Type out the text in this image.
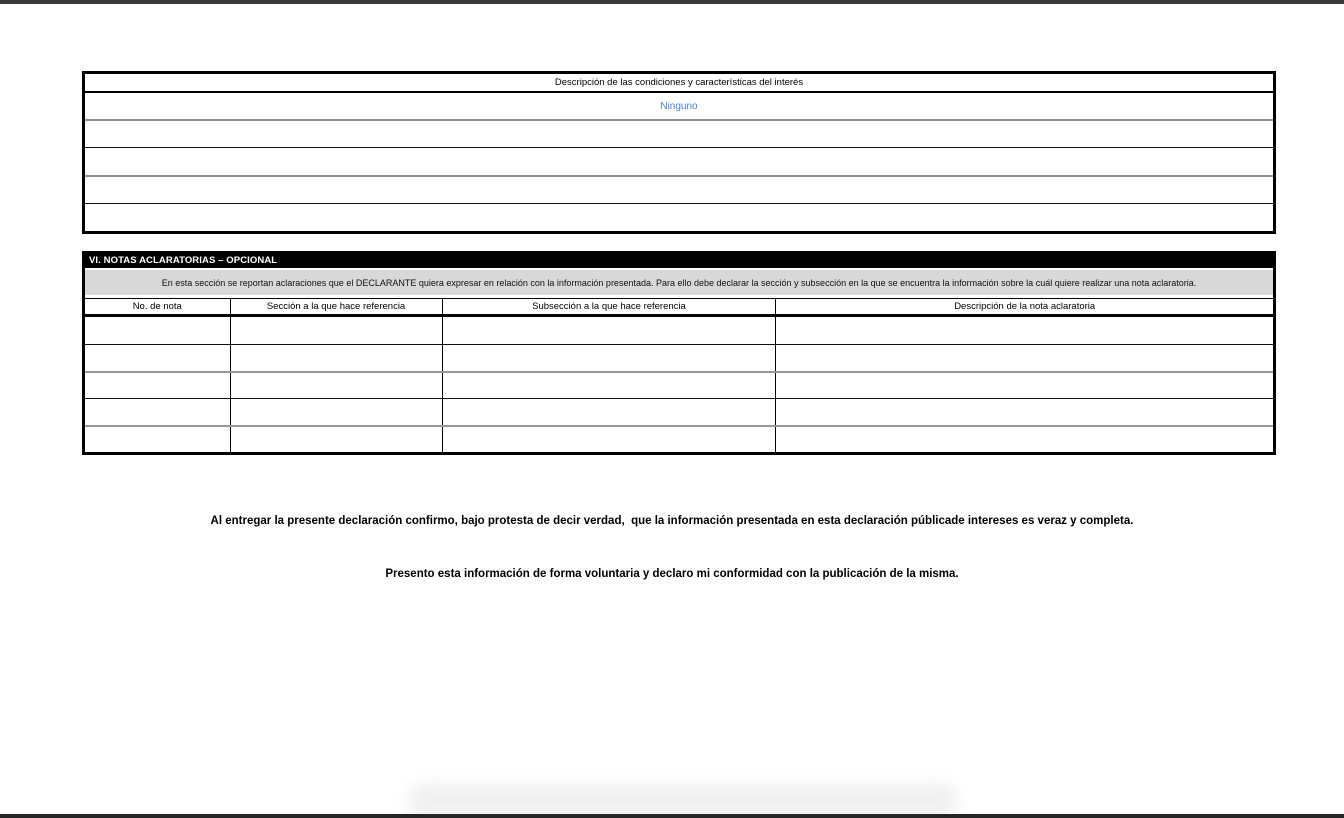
Descripción de las condiciones y características del interés
Ninguno
VI. NOTAS ACLARATORIAS – OPCIONAL
En esta sección se reportan aclaraciones que el DECLARANTE quiera expresar en relación con la información presentada. Para ello debe declarar la sección y subsección en la que se encuentra la información sobre la cuál quiere realizar una nota aclaratoria.
No. de nota	Sección a la que hace referencia	Subsección a la que hace referencia	Descripción de la nota aclaratoria

Al entregar la presente declaración confirmo, bajo protesta de decir verdad,  que la información presentada en esta declaración públicade intereses es veraz y completa.

Presento esta información de forma voluntaria y declaro mi conformidad con la publicación de la misma.
